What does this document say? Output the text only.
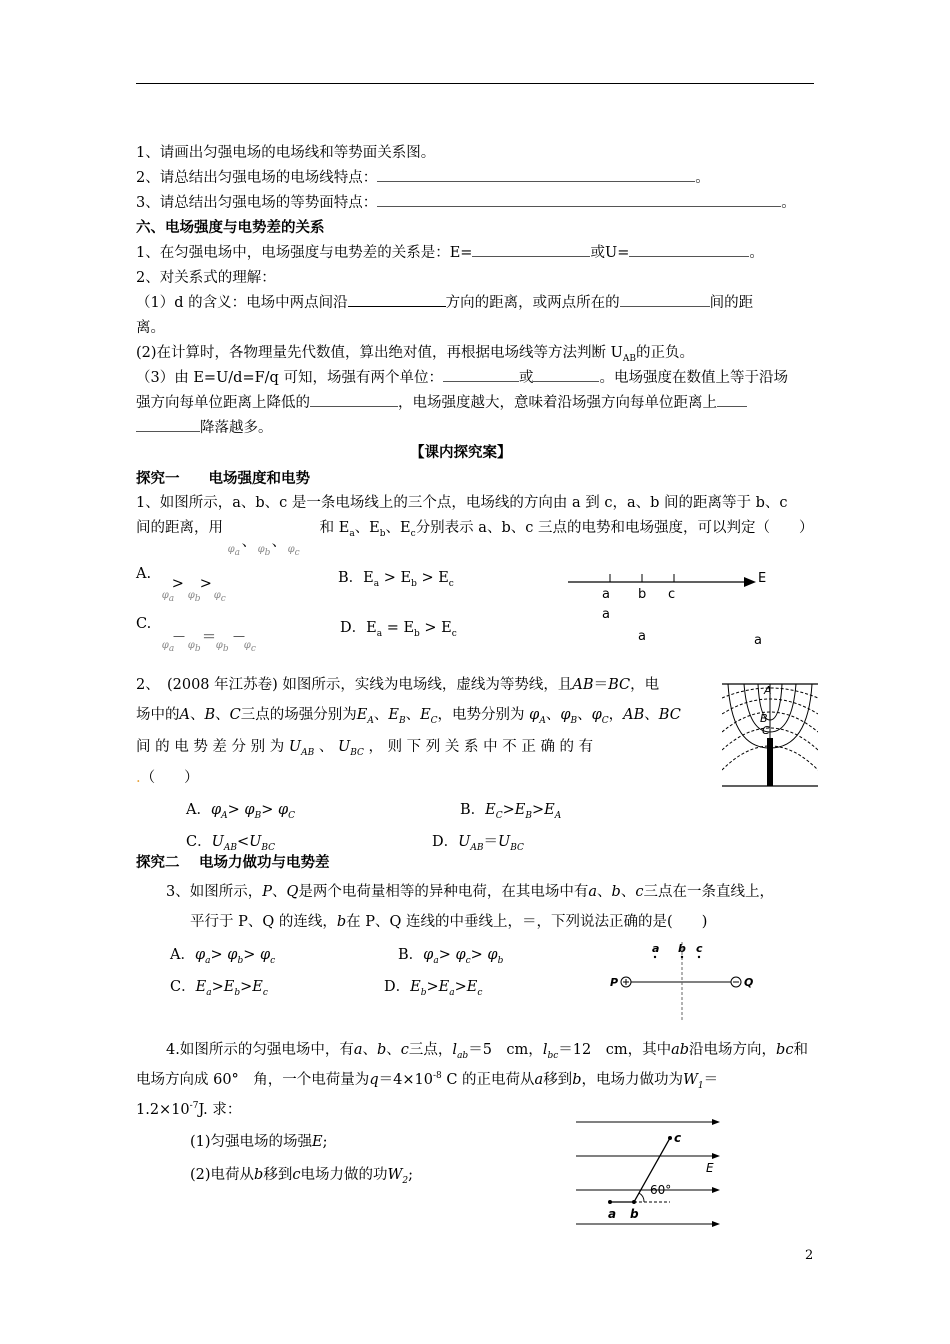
1、请画出匀强电场的电场线和等势面关系图。
2、请总结出匀强电场的电场线特点：	。
3、请总结出匀强电场的等势面特点：	。
六、电场强度与电势差的关系
1、在匀强电场中，电场强度与电势差的关系是：E=	或U=	。
2、对关系式的理解：
（1）d 的含义：电场中两点间沿	方向的距离，或两点所在的	间的距
离。
(2)在计算时，各物理量先代数值，算出绝对值，再根据电场线等方法判断 $U_{AB}$的正负。
（3）由 E=U/d=F/q 可知，场强有两个单位：	或	。电场强度在数值上等于沿场
强方向每单位距离上降低的	，电场强度越大，意味着沿场强方向每单位距离上
降落越多。
【课内探究案】
探究一　　电场强度和电势
1、如图所示，a、b、c 是一条电场线上的三个点，电场线的方向由 a 到 c，a、b 间的距离等于 b、c
间的距离，用
、 、
$\varphi_a$ $\varphi_b$ $\varphi_c$
和 $E_a$、$E_b$、$E_c$分别表示 a、b、c 三点的电势和电场强度，可以判定（　　）
A.
> >
$\varphi_a$ $\varphi_b$ $\varphi_c$
B．$E_a > E_b > E_c$
C.
－ ＝ －
$\varphi_a$ $\varphi_b$ $\varphi_b$ $\varphi_c$
D．$E_a = E_b > E_c$
E
a b c
a
a	a
2、　(2008 年江苏卷) 如图所示，实线为电场线，虚线为等势线，且AB＝BC，电
场中的A、B、C三点的场强分别为$E_A$、$E_B$、$E_C$，电势分别为 $\varphi_A$、$\varphi_B$、$\varphi_C$，AB、BC
间 的 电 势 差 分 别 为 $U_{AB}$ 、 $U_{BC}$ ， 则 下 列 关 系 中 不 正 确 的 有
.（　　）
A．$\varphi_A> \varphi_B> \varphi_C$	B．$E_C>E_B>E_A$
C．$U_{AB}<U_{BC}$	D．$U_{AB}=U_{BC}$
A
B
C
探究二　 电场力做功与电势差
3、如图所示，P、Q是两个电荷量相等的异种电荷，在其电场中有a、b、c三点在一条直线上，
平行于 P、Q 的连线，b在 P、Q 连线的中垂线上，＝，下列说法正确的是(　　)
A．$\varphi_a> \varphi_b> \varphi_c$	B．$\varphi_a> \varphi_c> \varphi_b$
C．$E_a>E_b>E_c$	D．$E_b>E_a>E_c$
P	Q
a b c
4.如图所示的匀强电场中，有a、b、c三点，$l_{ab}=5$　cm，$l_{bc}=12$　cm，其中ab沿电场方向，bc和
电场方向成 60°　角，一个电荷量为$q=4\times 10^{-8}$ C 的正电荷从a移到b，电场力做功为$W_1=$
$1.2\times 10^{-7}J$. 求：
(1)匀强电场的场强E;
(2)电荷从b移到c电场力做的功$W_2$;
a b
c
E
60°
2
